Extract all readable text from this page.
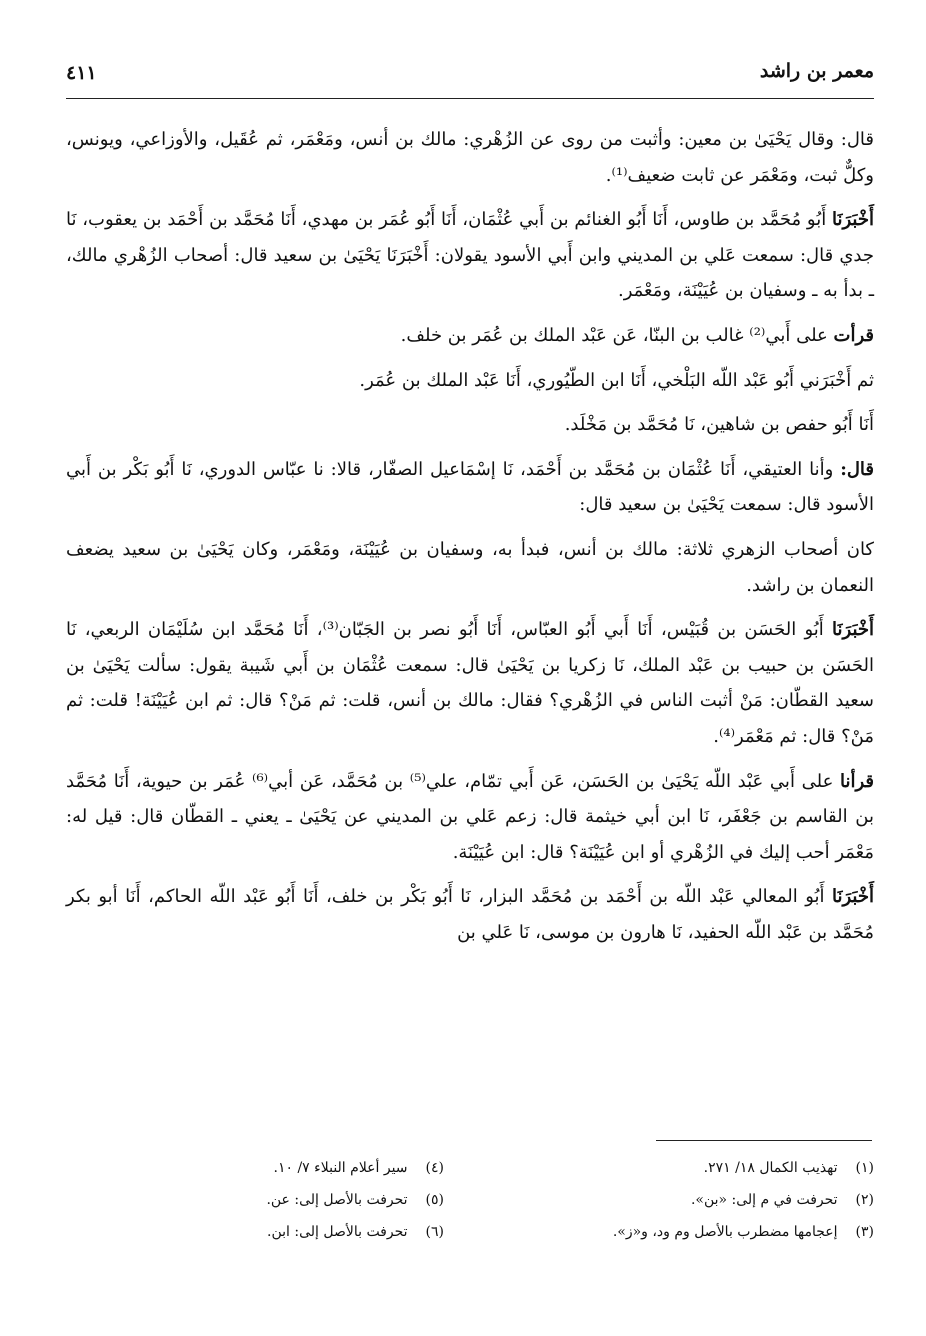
٤١١	معمر بن راشد

قال: وقال يَحْيَىٰ بن معين: وأثبت من روى عن الزُهْري: مالك بن أنس، ومَعْمَر، ثم عُقَيل، والأوزاعي، ويونس، وكلٌّ ثبت، ومَعْمَر عن ثابت ضعيف⁽¹⁾.

أَخْبَرَنَا أَبُو مُحَمَّد بن طاوس، أَنَا أَبُو الغنائم بن أَبي عُثْمَان، أَنَا أَبُو عُمَر بن مهدي، أَنَا مُحَمَّد بن أَحْمَد بن يعقوب، نَا جدي قال: سمعت عَلي بن المديني وابن أَبي الأسود يقولان: أَخْبَرَنَا يَحْيَىٰ بن سعيد قال: أصحاب الزُهْري مالك، ـ بدأ به ـ وسفيان بن عُيَيْنَة، ومَعْمَر.

قرأت على أَبي⁽²⁾ غالب بن البنّا، عَن عَبْد الملك بن عُمَر بن خلف.

ثم أَخْبَرَني أَبُو عَبْد اللّه البَلْخي، أَنَا ابن الطّيُوري، أَنَا عَبْد الملك بن عُمَر.

أَنَا أَبُو حفص بن شاهين، نَا مُحَمَّد بن مَخْلَد.

قال: وأنا العتيقي، أَنَا عُثْمَان بن مُحَمَّد بن أَحْمَد، نَا إسْمَاعيل الصفّار، قالا: نا عبّاس الدوري، نَا أَبُو بَكْر بن أَبي الأسود قال: سمعت يَحْيَىٰ بن سعيد قال:

كان أصحاب الزهري ثلاثة: مالك بن أنس، فبدأ به، وسفيان بن عُيَيْنَة، ومَعْمَر، وكان يَحْيَىٰ بن سعيد يضعف النعمان بن راشد.

أَخْبَرَنَا أَبُو الحَسَن بن قُبَيْس، أَنَا أَبي أَبُو العبّاس، أَنَا أَبُو نصر بن الجَبّان⁽³⁾، أَنَا مُحَمَّد ابن سُلَيْمَان الربعي، نَا الحَسَن بن حبيب بن عَبْد الملك، نَا زكريا بن يَحْيَىٰ قال: سمعت عُثْمَان بن أَبي شَيبة يقول: سألت يَحْيَىٰ بن سعيد القطّان: مَنْ أثبت الناس في الزُهْري؟ فقال: مالك بن أنس، قلت: ثم مَنْ؟ قال: ثم ابن عُيَيْنَة! قلت: ثم مَنْ؟ قال: ثم مَعْمَر⁽⁴⁾.

قرأنا على أَبي عَبْد اللّه يَحْيَىٰ بن الحَسَن، عَن أَبي تمّام، علي⁽⁵⁾ بن مُحَمَّد، عَن أبي⁽⁶⁾ عُمَر بن حيوية، أَنَا مُحَمَّد بن القاسم بن جَعْفَر، نَا ابن أبي خيثمة قال: زعم عَلي بن المديني عن يَحْيَىٰ ـ يعني ـ القطّان قال: قيل له: مَعْمَر أحب إليك في الزُهْري أو ابن عُيَيْنَة؟ قال: ابن عُيَيْنَة.

أَخْبَرَنَا أَبُو المعالي عَبْد اللّه بن أَحْمَد بن مُحَمَّد البزار، نَا أَبُو بَكْر بن خلف، أَنَا أَبُو عَبْد اللّه الحاكم، أَنَا أبو بكر مُحَمَّد بن عَبْد اللّه الحفيد، نَا هارون بن موسى، نَا عَلي بن

(١) تهذيب الكمال ١٨/ ٢٧١.
(٢) تحرفت في م إلى: «بن».
(٣) إعجامها مضطرب بالأصل وم ود، و«ز».
(٤) سير أعلام النبلاء ٧/ ١٠.
(٥) تحرفت بالأصل إلى: عن.
(٦) تحرفت بالأصل إلى: ابن.
